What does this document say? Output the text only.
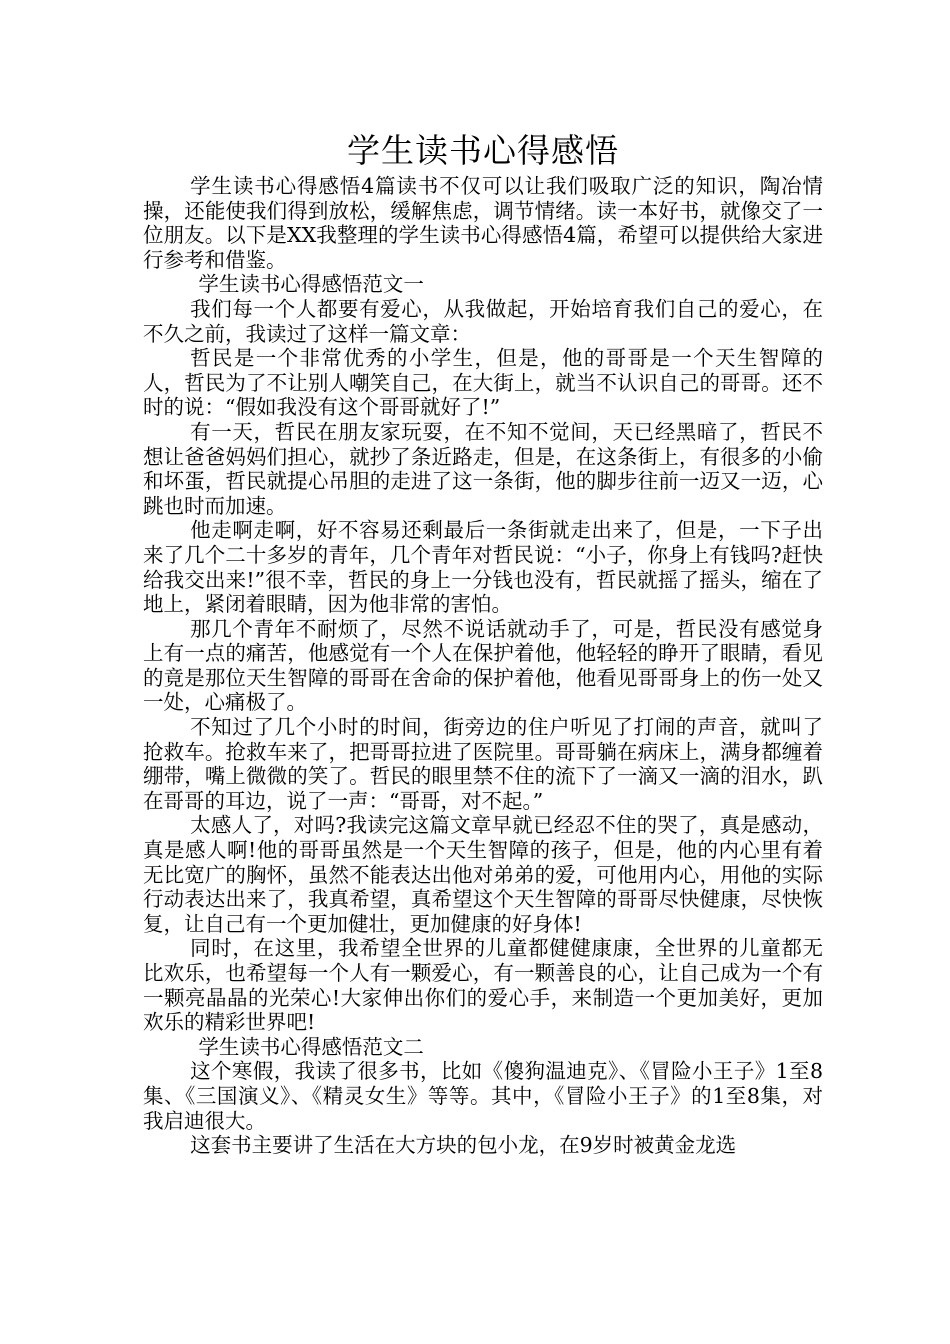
学生读书心得感悟

学生读书心得感悟4篇读书不仅可以让我们吸取广泛的知识，陶冶情操，还能使我们得到放松，缓解焦虑，调节情绪。读一本好书，就像交了一位朋友。以下是XX我整理的学生读书心得感悟4篇，希望可以提供给大家进行参考和借鉴。

学生读书心得感悟范文一

我们每一个人都要有爱心，从我做起，开始培育我们自己的爱心，在不久之前，我读过了这样一篇文章：

哲民是一个非常优秀的小学生，但是，他的哥哥是一个天生智障的人，哲民为了不让别人嘲笑自己，在大街上，就当不认识自己的哥哥。还不时的说：“假如我没有这个哥哥就好了!”

有一天，哲民在朋友家玩耍，在不知不觉间，天已经黑暗了，哲民不想让爸爸妈妈们担心，就抄了条近路走，但是，在这条街上，有很多的小偷和坏蛋，哲民就提心吊胆的走进了这一条街，他的脚步往前一迈又一迈，心跳也时而加速。

他走啊走啊，好不容易还剩最后一条街就走出来了，但是，一下子出来了几个二十多岁的青年，几个青年对哲民说：“小子，你身上有钱吗?赶快给我交出来!”很不幸，哲民的身上一分钱也没有，哲民就摇了摇头，缩在了地上，紧闭着眼睛，因为他非常的害怕。

那几个青年不耐烦了，尽然不说话就动手了，可是，哲民没有感觉身上有一点的痛苦，他感觉有一个人在保护着他，他轻轻的睁开了眼睛，看见的竟是那位天生智障的哥哥在舍命的保护着他，他看见哥哥身上的伤一处又一处，心痛极了。

不知过了几个小时的时间，街旁边的住户听见了打闹的声音，就叫了抢救车。抢救车来了，把哥哥拉进了医院里。哥哥躺在病床上，满身都缠着绷带，嘴上微微的笑了。哲民的眼里禁不住的流下了一滴又一滴的泪水，趴在哥哥的耳边，说了一声：“哥哥，对不起。”

太感人了，对吗?我读完这篇文章早就已经忍不住的哭了，真是感动，真是感人啊!他的哥哥虽然是一个天生智障的孩子，但是，他的内心里有着无比宽广的胸怀，虽然不能表达出他对弟弟的爱，可他用内心，用他的实际行动表达出来了，我真希望，真希望这个天生智障的哥哥尽快健康，尽快恢复，让自己有一个更加健壮，更加健康的好身体!

同时，在这里，我希望全世界的儿童都健健康康，全世界的儿童都无比欢乐，也希望每一个人有一颗爱心，有一颗善良的心，让自己成为一个有一颗亮晶晶的光荣心!大家伸出你们的爱心手，来制造一个更加美好，更加欢乐的精彩世界吧!

学生读书心得感悟范文二

这个寒假，我读了很多书，比如《傻狗温迪克》、《冒险小王子》1至8集、《三国演义》、《精灵女生》等等。其中，《冒险小王子》的1至8集，对我启迪很大。

这套书主要讲了生活在大方块的包小龙，在9岁时被黄金龙选
